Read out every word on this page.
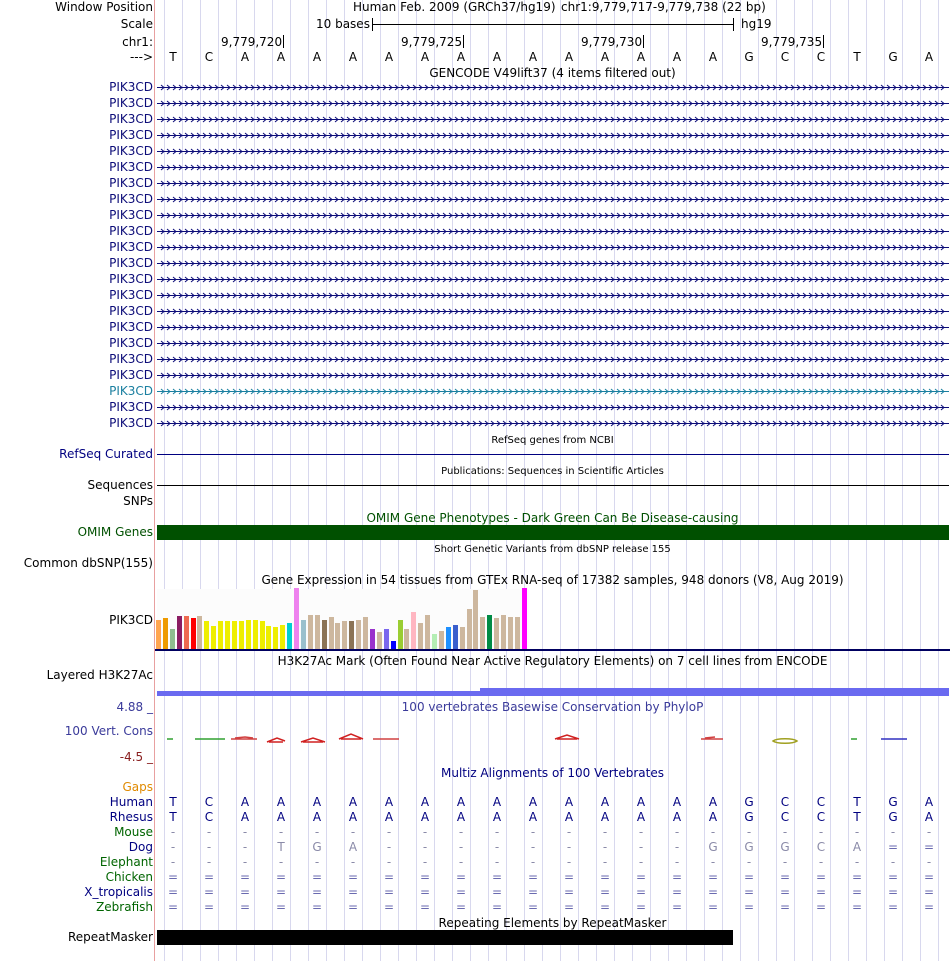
Window Position	Human Feb. 2009 (GRCh37/hg19) chr1:9,779,717-9,779,738 (22 bp)
Scale	10 bases	hg19
chr1:	9,779,720	9,779,725	9,779,730	9,779,735
---> T C A A A A A A A A A A A A A A G C C T G A
GENCODE V49lift37 (4 items filtered out)
PIK3CD
PIK3CD
PIK3CD
PIK3CD
PIK3CD
PIK3CD
PIK3CD
PIK3CD
PIK3CD
PIK3CD
PIK3CD
PIK3CD
PIK3CD
PIK3CD
PIK3CD
PIK3CD
PIK3CD
PIK3CD
PIK3CD
PIK3CD
PIK3CD
PIK3CD
RefSeq genes from NCBI
RefSeq Curated
Publications: Sequences in Scientific Articles
Sequences
SNPs
OMIM Gene Phenotypes - Dark Green Can Be Disease-causing
OMIM Genes
Short Genetic Variants from dbSNP release 155
Common dbSNP(155)
Gene Expression in 54 tissues from GTEx RNA-seq of 17382 samples, 948 donors (V8, Aug 2019)
PIK3CD
H3K27Ac Mark (Often Found Near Active Regulatory Elements) on 7 cell lines from ENCODE
Layered H3K27Ac
100 vertebrates Basewise Conservation by PhyloP
4.88 _
100 Vert. Cons
-4.5 _
Multiz Alignments of 100 Vertebrates
Gaps
Human T C A A A A A A A A A A A A A A G C C T G A
Rhesus T C A A A A A A A A A A A A A A G C C T G A
Mouse	-	-	-	-	-	-	-	-	-	-	-	-	-	-	-	-	-	-	-	-	-	-
Dog	-	-	-	T G A	-	-	-	-	-	-	-	-	-	G G G C A = =
Elephant	-	-	-	-	-	-	-	-	-	-	-	-	-	-	-	-	-	-	-	-	-	-
Chicken = = = = = = = = = = = = = = = = = = = = = =
X_tropicalis = = = = = = = = = = = = = = = = = = = = = =
Zebrafish = = = = = = = = = = = = = = = = = = = = = =
Repeating Elements by RepeatMasker
RepeatMasker
